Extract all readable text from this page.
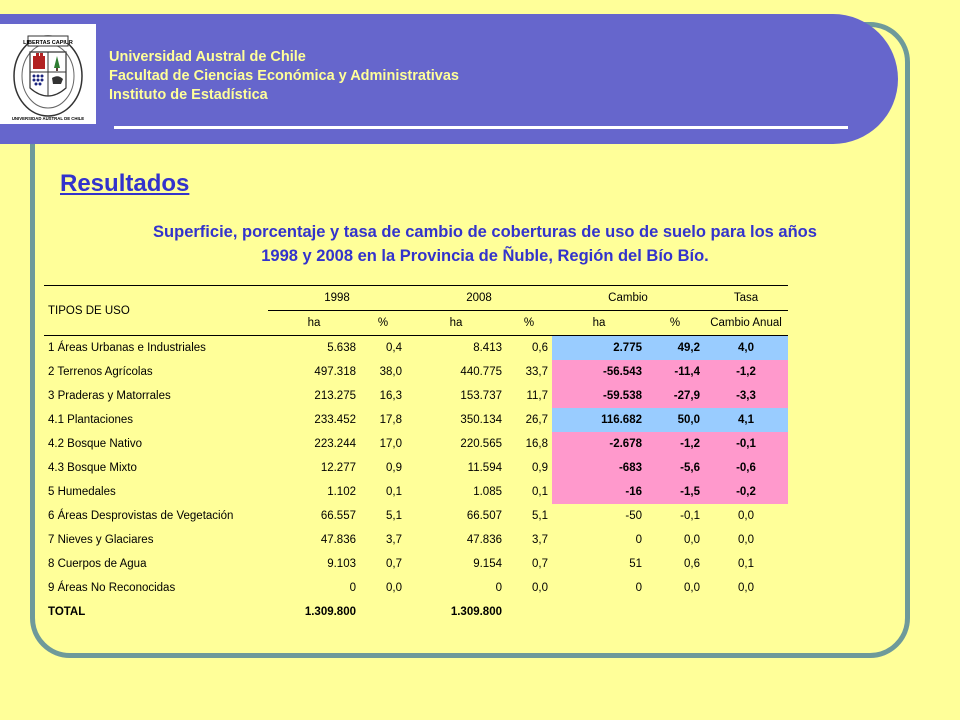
LIBERTAS CAPIUR
UNIVERSIDAD AUSTRAL DE CHILE
Universidad Austral de Chile
Facultad de Ciencias Económica y Administrativas
Instituto de Estadística
Resultados
Superficie, porcentaje y tasa de cambio de coberturas de uso de suelo para los años
1998 y 2008 en la Provincia de Ñuble, Región del Bío Bío.
TIPOS DE USO	1998		2008		Cambio		Tasa
	ha	%	ha	%	ha	%	Cambio Anual
1 Áreas Urbanas e Industriales	5.638	0,4	8.413	0,6	2.775	49,2	4,0
2 Terrenos Agrícolas	497.318	38,0	440.775	33,7	-56.543	-11,4	-1,2
3 Praderas y Matorrales	213.275	16,3	153.737	11,7	-59.538	-27,9	-3,3
4.1 Plantaciones	233.452	17,8	350.134	26,7	116.682	50,0	4,1
4.2 Bosque Nativo	223.244	17,0	220.565	16,8	-2.678	-1,2	-0,1
4.3 Bosque Mixto	12.277	0,9	11.594	0,9	-683	-5,6	-0,6
5 Humedales	1.102	0,1	1.085	0,1	-16	-1,5	-0,2
6 Áreas Desprovistas de Vegetación	66.557	5,1	66.507	5,1	-50	-0,1	0,0
7 Nieves y Glaciares	47.836	3,7	47.836	3,7	0	0,0	0,0
8 Cuerpos de Agua	9.103	0,7	9.154	0,7	51	0,6	0,1
9 Áreas No Reconocidas	0	0,0	0	0,0	0	0,0	0,0
TOTAL	1.309.800		1.309.800				
